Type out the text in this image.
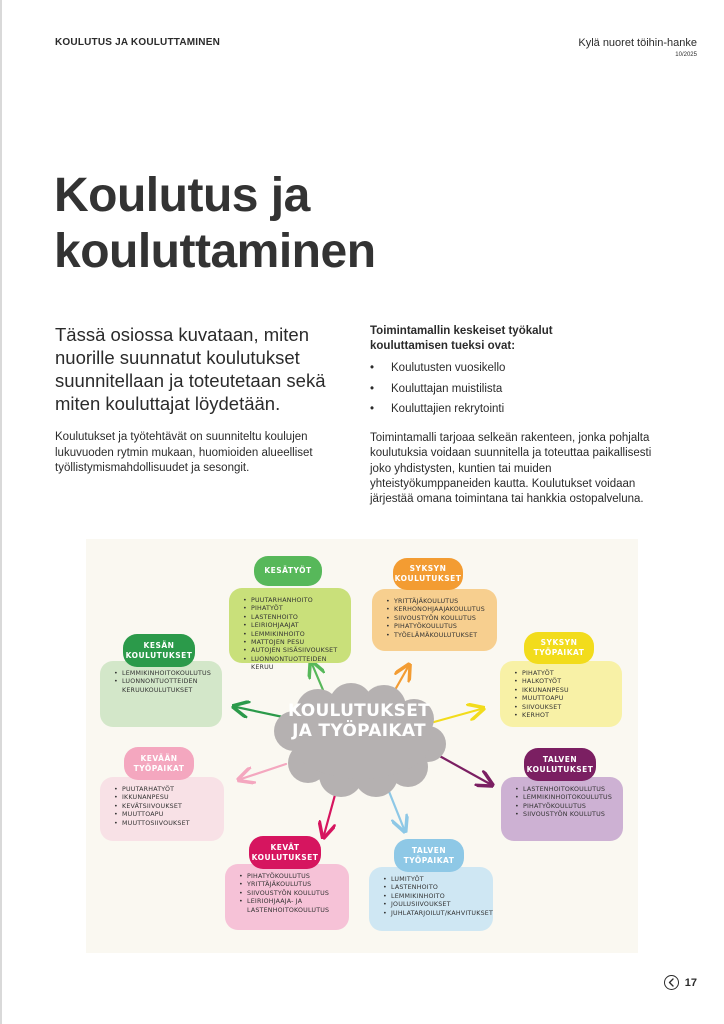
KOULUTUS JA KOULUTTAMINEN	Kylä nuoret töihin-hanke
10/2025
Koulutus ja
kouluttaminen

Tässä osiossa kuvataan, miten nuorille suunnatut koulutukset suunnitellaan ja toteutetaan sekä miten kouluttajat löydetään.

Koulutukset ja työtehtävät on suunniteltu koulujen lukuvuoden rytmin mukaan, huomioiden alueelliset työllistymismahdollisuudet ja sesongit.

Toimintamallin keskeiset työkalut
kouluttamisen tueksi ovat:
• Koulutusten vuosikello
• Kouluttajan muistilista
• Kouluttajien rekrytointi

Toimintamalli tarjoaa selkeän rakenteen, jonka pohjalta koulutuksia voidaan suunnitella ja toteuttaa paikallisesti joko yhdistysten, kuntien tai muiden yhteistyökumppaneiden kautta. Koulutukset voidaan järjestää omana toimintana tai hankkia ostopalveluna.

KOULUTUKSET
JA TYÖPAIKAT
• PUUTARHANHOITO
• PIHATYÖT
• LASTENHOITO
• LEIRIOHJAAJAT
• LEMMIKINHOITO
• MATTOJEN PESU
• AUTOJEN SISÄSIIVOUKSET
• LUONNONTUOTTEIDEN KERUU
KESÄTYÖT
• YRITTÄJÄKOULUTUS
• KERHONOHJAAJAKOULUTUS
• SIIVOUSTYÖN KOULUTUS
• PIHATYÖKOULUTUS
• TYÖELÄMÄKOULUTUKSET
SYKSYN
KOULUTUKSET
• PIHATYÖT
• HALKOTYÖT
• IKKUNANPESU
• MUUTTOAPU
• SIIVOUKSET
• KERHOT
SYKSYN
TYÖPAIKAT
• LASTENHOITOKOULUTUS
• LEMMIKINHOITOKOULUTUS
• PIHATYÖKOULUTUS
• SIIVOUSTYÖN KOULUTUS
TALVEN
KOULUTUKSET
• LUMITYÖT
• LASTENHOITO
• LEMMIKINHOITO
• JOULUSIIVOUKSET
• JUHLATARJOILUT/KAHVITUKSET
TALVEN
TYÖPAIKAT
• PIHATYÖKOULUTUS
• YRITTÄJÄKOULUTUS
• SIIVOUSTYÖN KOULUTUS
• LEIRIOHJAAJA- JA LASTENHOITOKOULUTUS
KEVÄT
KOULUTUKSET
• PUUTARHATYÖT
• IKKUNANPESU
• KEVÄTSIIVOUKSET
• MUUTTOAPU
• MUUTTOSIIVOUKSET
KEVÄÄN
TYÖPAIKAT
• LEMMIKINHOITOKOULUTUS
• LUONNONTUOTTEIDEN KERUUKOULUTUKSET
KESÄN
KOULUTUKSET
17
